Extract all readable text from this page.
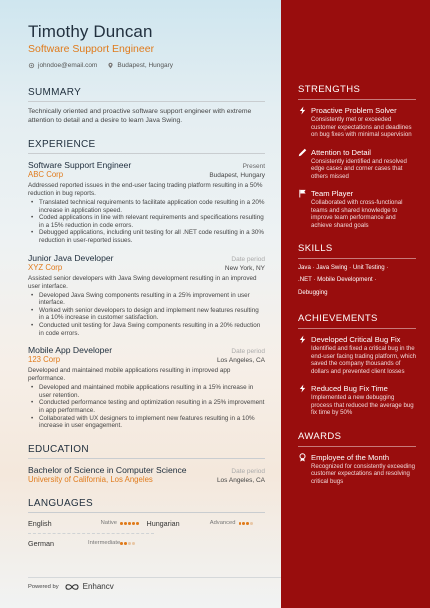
Timothy Duncan
Software Support Engineer
johndoe@email.com	Budapest, Hungary
SUMMARY
Technically oriented and proactive software support engineer with extreme attention to detail and a desire to learn Java Swing.
EXPERIENCE
Software Support Engineer	Present
ABC Corp	Budapest, Hungary
Addressed reported issues in the end-user facing trading platform resulting in a 50% reduction in bug reports.
• Translated technical requirements to facilitate application code resulting in a 20% increase in application speed.
• Coded applications in line with relevant requirements and specifications resulting in a 15% reduction in code errors.
• Debugged applications, including unit testing for all .NET code resulting in a 30% reduction in user-reported issues.
Junior Java Developer	Date period
XYZ Corp	New York, NY
Assisted senior developers with Java Swing development resulting in an improved user interface.
• Developed Java Swing components resulting in a 25% improvement in user interface.
• Worked with senior developers to design and implement new features resulting in a 10% increase in customer satisfaction.
• Conducted unit testing for Java Swing components resulting in a 20% reduction in code errors.
Mobile App Developer	Date period
123 Corp	Los Angeles, CA
Developed and maintained mobile applications resulting in improved app performance.
• Developed and maintained mobile applications resulting in a 15% increase in user retention.
• Conducted performance testing and optimization resulting in a 25% improvement in app performance.
• Collaborated with UX designers to implement new features resulting in a 10% increase in user engagement.
EDUCATION
Bachelor of Science in Computer Science	Date period
University of California, Los Angeles	Los Angeles, CA
LANGUAGES
English	Native	Hungarian	Advanced
German	Intermediate
Powered by	Enhancv
STRENGTHS
Proactive Problem Solver
Consistently met or exceeded customer expectations and deadlines on bug fixes with minimal supervision
Attention to Detail
Consistently identified and resolved edge cases and corner cases that others missed
Team Player
Collaborated with cross-functional teams and shared knowledge to improve team performance and achieve shared goals
SKILLS
Java · Java Swing · Unit Testing ·
.NET · Mobile Development ·
Debugging
ACHIEVEMENTS
Developed Critical Bug Fix
Identified and fixed a critical bug in the end-user facing trading platform, which saved the company thousands of dollars and prevented client losses
Reduced Bug Fix Time
Implemented a new debugging process that reduced the average bug fix time by 50%
AWARDS
Employee of the Month
Recognized for consistently exceeding customer expectations and resolving critical bugs
